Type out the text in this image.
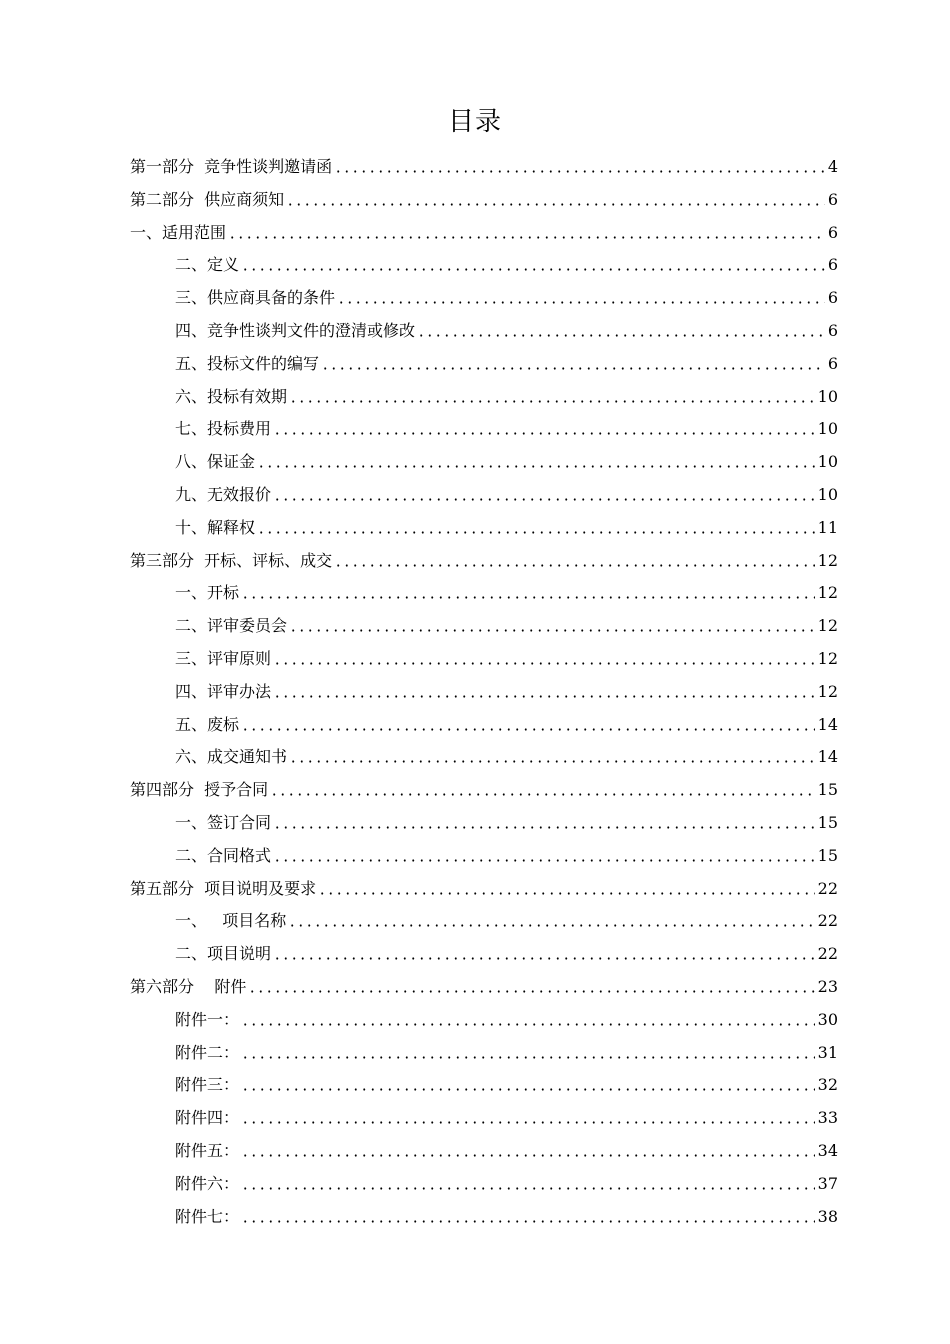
目录
第一部分  竞争性谈判邀请函	4
第二部分  供应商须知	6
一、适用范围	6
二、定义	6
三、供应商具备的条件	6
四、竞争性谈判文件的澄清或修改	6
五、投标文件的编写	6
六、投标有效期	10
七、投标费用	10
八、保证金	10
九、无效报价	10
十、解释权	11
第三部分  开标、评标、成交	12
一、开标	12
二、评审委员会	12
三、评审原则	12
四、评审办法	12
五、废标	14
六、成交通知书	14
第四部分  授予合同	15
一、签订合同	15
二、合同格式	15
第五部分  项目说明及要求	22
一、   项目名称	22
二、项目说明	22
第六部分    附件	23
附件一：	30
附件二：	31
附件三：	32
附件四：	33
附件五：	34
附件六：	37
附件七：	38
